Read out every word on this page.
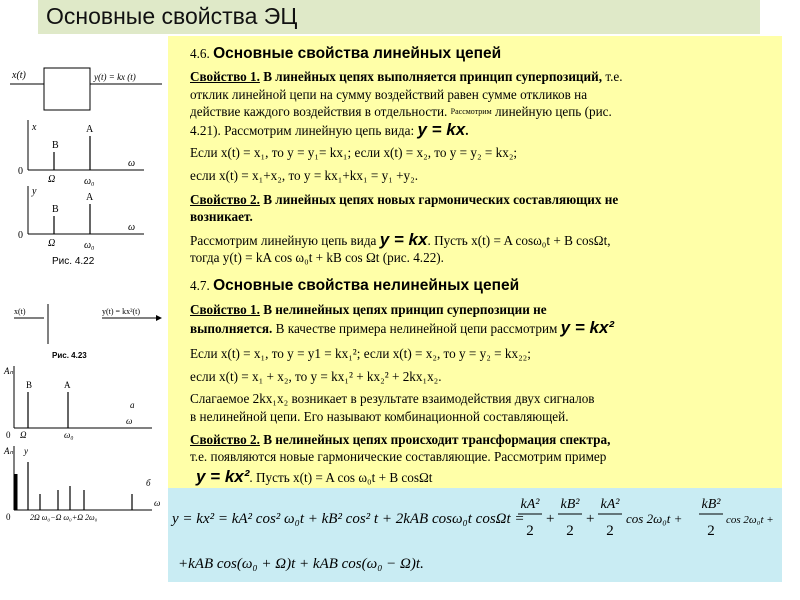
Основные свойства ЭЦ
4.6. Основные свойства линейных цепей
Свойство 1. В линейных цепях выполняется принцип суперпозиций, т.е.
отклик линейной цепи на сумму воздействий равен сумме откликов на
действие каждого воздействия в отдельности. $^{Рассмотрим}$ линейную цепь (рис.
4.21). Рассмотрим линейную цепь вида: y = kx.
Если x(t) = x₁, то y = y₁= kx₁; если x(t) = x₂, то y = y₂ = kx₂;
если x(t) = x₁+x₂, то y = kx₁+kx₁ = y₁ +y₂.
Свойство 2. В линейных цепях новых гармонических составляющих не
возникает.
Рассмотрим линейную цепь вида y = kx. Пусть x(t) = A cosω₀t + B cosΩt,
тогда y(t) = kA cos ω₀t + kB cos Ωt (рис. 4.22).
4.7. Основные свойства нелинейных цепей
Свойство 1. В нелинейных цепях принцип суперпозиции не
выполняется. В качестве примера нелинейной цепи рассмотрим y = kx²
Если x(t) = x₁, то y = y1 = kx₁²; если x(t) = x₂, то y = y₂ = kx₂₂;
если x(t) = x₁ + x₂, то y = kx₁² + kx₂² + 2kx₁x₂.
Слагаемое 2kx₁x₂ возникает в результате взаимодействия двух сигналов
в нелинейной цепи. Его называют комбинационной составляющей.
Свойство 2. В нелинейных цепях происходит трансформация спектра,
т.е. появляются новые гармонические составляющие. Рассмотрим пример
y = kx². Пусть x(t) = A cos ω₀t + B cosΩt
y = kx² = kA² cos² ω₀t + kB² cos² t + 2kAB cosω₀t cosΩt =
kA²
2
+
kB²
2
+
kA²
2
cos 2ω₀t +
kB²
2
cos 2ω₀t +
+kAB cos(ω₀ + Ω)t + kAB cos(ω₀ − Ω)t.
x(t)	y(t) = kx (t)
x
0
ω
B
A
Ω	ω₀
y
0
ω
B
A
Ω	ω₀
Рис. 4.22
x(t)	y(t) = kx²(t)
Рис. 4.23
Aₙ
B	A
a
ω
0 Ω	ω₀
Aₙ y
б
ω
0 2Ω ω₀−Ω ω₀+Ω 2ω₀
